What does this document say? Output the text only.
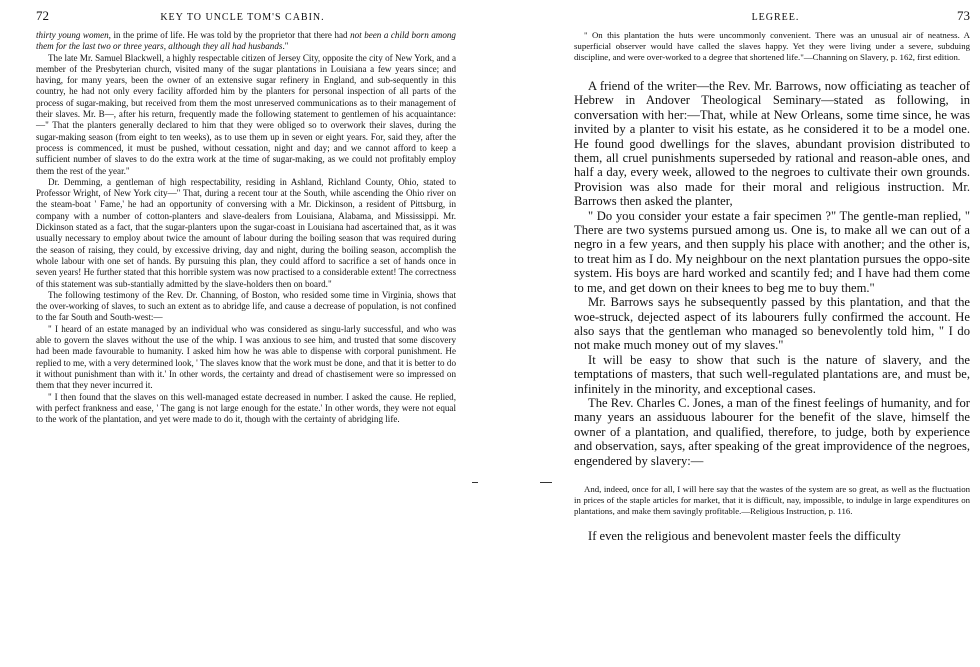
72	KEY TO UNCLE TOM'S CABIN.

thirty young women, in the prime of life. He was told by the proprietor that there had not been a child born among them for the last two or three years, although they all had husbands."

The late Mr. Samuel Blackwell, a highly respectable citizen of Jersey City, opposite the city of New York, and a member of the Presbyterian church, visited many of the sugar plantations in Louisiana a few years since; and having, for many years, been the owner of an extensive sugar refinery in England, and sub-sequently in this country, he had not only every facility afforded him by the planters for personal inspection of all parts of the process of sugar-making, but received from them the most unreserved communications as to their management of their slaves. Mr. B—, after his return, frequently made the following statement to gentlemen of his acquaintance:—" That the planters generally declared to him that they were obliged so to overwork their slaves, during the sugar-making season (from eight to ten weeks), as to use them up in seven or eight years. For, said they, after the process is commenced, it must be pushed, without cessation, night and day; and we cannot afford to keep a sufficient number of slaves to do the extra work at the time of sugar-making, as we could not profitably employ them the rest of the year."

Dr. Demming, a gentleman of high respectability, residing in Ashland, Richland County, Ohio, stated to Professor Wright, of New York city—" That, during a recent tour at the South, while ascending the Ohio river on the steam-boat ' Fame,' he had an opportunity of conversing with a Mr. Dickinson, a resident of Pittsburg, in company with a number of cotton-planters and slave-dealers from Louisiana, Alabama, and Mississippi. Mr. Dickinson stated as a fact, that the sugar-planters upon the sugar-coast in Louisiana had ascertained that, as it was usually necessary to employ about twice the amount of labour during the boiling season that was required during the season of raising, they could, by excessive driving, day and night, during the boiling season, accomplish the whole labour with one set of hands. By pursuing this plan, they could afford to sacrifice a set of hands once in seven years! He further stated that this horrible system was now practised to a considerable extent! The correctness of this statement was sub-stantially admitted by the slave-holders then on board."

The following testimony of the Rev. Dr. Channing, of Boston, who resided some time in Virginia, shows that the over-working of slaves, to such an extent as to abridge life, and cause a decrease of population, is not confined to the far South and South-west:—

" I heard of an estate managed by an individual who was considered as singu-larly successful, and who was able to govern the slaves without the use of the whip. I was anxious to see him, and trusted that some discovery had been made favourable to humanity. I asked him how he was able to dispense with corporal punishment. He replied to me, with a very determined look, ' The slaves know that the work must be done, and that it is better to do it without punishment than with it.' In other words, the certainty and dread of chastisement were so impressed on them that they never incurred it.

" I then found that the slaves on this well-managed estate decreased in number. I asked the cause. He replied, with perfect frankness and ease, ' The gang is not large enough for the estate.' In other words, they were not equal to the work of the plantation, and yet were made to do it, though with the certainty of abridging life.

LEGREE.	73

" On this plantation the huts were uncommonly convenient. There was an unusual air of neatness. A superficial observer would have called the slaves happy. Yet they were living under a severe, subduing discipline, and were over-worked to a degree that shortened life."—Channing on Slavery, p. 162, first edition.

A friend of the writer—the Rev. Mr. Barrows, now officiating as teacher of Hebrew in Andover Theological Seminary—stated as following, in conversation with her:—That, while at New Orleans, some time since, he was invited by a planter to visit his estate, as he considered it to be a model one. He found good dwellings for the slaves, abundant provision distributed to them, all cruel punishments superseded by rational and reason-able ones, and half a day, every week, allowed to the negroes to cultivate their own grounds. Provision was also made for their moral and religious instruction. Mr. Barrows then asked the planter,

" Do you consider your estate a fair specimen ?" The gentle-man replied, " There are two systems pursued among us. One is, to make all we can out of a negro in a few years, and then supply his place with another; and the other is, to treat him as I do. My neighbour on the next plantation pursues the oppo-site system. His boys are hard worked and scantily fed; and I have had them come to me, and get down on their knees to beg me to buy them."

Mr. Barrows says he subsequently passed by this plantation, and that the woe-struck, dejected aspect of its labourers fully confirmed the account. He also says that the gentleman who managed so benevolently told him, " I do not make much money out of my slaves."

It will be easy to show that such is the nature of slavery, and the temptations of masters, that such well-regulated plantations are, and must be, infinitely in the minority, and exceptional cases.

The Rev. Charles C. Jones, a man of the finest feelings of humanity, and for many years an assiduous labourer for the benefit of the slave, himself the owner of a plantation, and qualified, therefore, to judge, both by experience and observation, says, after speaking of the great improvidence of the negroes, engendered by slavery:—

And, indeed, once for all, I will here say that the wastes of the system are so great, as well as the fluctuation in prices of the staple articles for market, that it is difficult, nay, impossible, to indulge in large expenditures on plantations, and make them savingly profitable.—Religious Instruction, p. 116.

If even the religious and benevolent master feels the difficulty
